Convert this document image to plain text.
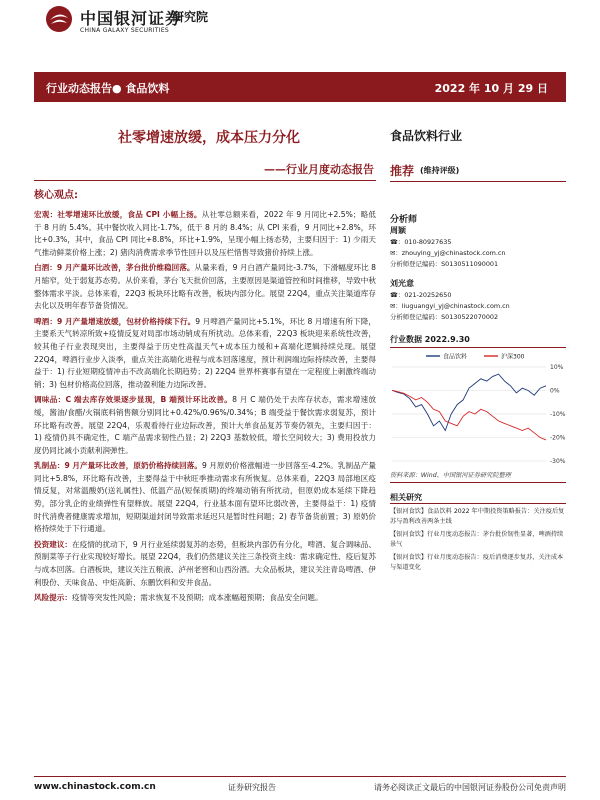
中国银河证券
研究院
CHINA GALAXY SECURITIES
行业动态报告● 食品饮料	2022 年 10 月 29 日
社零增速放缓，成本压力分化
——行业月度动态报告
食品饮料行业
推荐 (维持评级)
核心观点:

宏观：社零增速环比放缓，食品 CPI 小幅上扬。从社零总额来看，2022 年 9 月同比+2.5%；略低于 8 月的 5.4%。其中餐饮收入同比-1.7%，低于 8 月的 8.4%；从 CPI 来看，9 月同比+2.8%，环比+0.3%，其中，食品 CPI 同比+8.8%，环比+1.9%，呈现小幅上扬态势，主要归因于：1) 少雨天气推动鲜菜价格上涨；2) 猪肉消费需求季节性回升以及压栏惜售导致猪价持续上涨。

白酒：9 月产量环比改善，茅台批价维稳回落。从量来看，9 月白酒产量同比-3.7%，下滑幅度环比 8 月缩窄，处于弱复苏态势。从价来看，茅台飞天批价回落，主要原因是渠道管控和时间推移，导致中秋整体需求平淡。总体来看，22Q3 板块环比略有改善，板块内部分化。展望 22Q4，重点关注渠道库存去化以及明年春节备货情况。

啤酒：9 月产量增速放缓，包材价格持续下行。9 月啤酒产量同比+5.1%，环比 8 月增速有所下降，主要系天气转凉所致+疫情反复对局部市场动销成有所扰动。总体来看，22Q3 板块迎来系统性改善，较其他子行业表现突出，主要得益于历史性高温天气+成本压力缓和+高端化逻辑持续兑现。展望 22Q4，啤酒行业步入淡季，重点关注高端化进程与成本回落速度，预计利润端边际持续改善，主要得益于：1) 行业短期疫情冲击不改高端化长期趋势；2) 22Q4 世界杯赛事有望在一定程度上刺激终端动销；3) 包材价格高位回落，推动盈利能力边际改善。

调味品：C 端去库存效果逐步显现，B 端预计环比改善。8 月 C 端仍处于去库存状态，需求增速放缓，酱油/食醋/火锅底料销售额分别同比+0.42%/0.96%/0.34%；B 端受益于餐饮需求弱复苏，预计环比略有改善。展望 22Q4，乐观看待行业边际改善，预计大单食品复苏节奏仍领先，主要归因于：1) 疫情仍具不确定性，C 端产品需求韧性凸显；2) 22Q3 基数较低，增长空间较大；3) 费用投放力度仍同比减小贡献利润弹性。

乳制品：9 月产量环比改善，原奶价格持续回落。9 月原奶价格涨幅进一步回落至-4.2%。乳制品产量同比+5.8%，环比略有改善，主要得益于中秋旺季推动需求有所恢复。总体来看，22Q3 局部地区疫情反复，对常温酸奶(送礼属性)、低温产品(短保质期)的终端动销有所扰动，但原奶成本延续下降趋势，部分乳企的业绩弹性有望释放。展望 22Q4，行业基本面有望环比弱改善，主要得益于：1) 疫情时代消费者健康需求增加，短期渠道封闭导致需求延迟只是暂时性问题；2) 春节备货前置；3) 原奶价格持续处于下行通道。

投资建议：在疫情的扰动下，9 月行业延续弱复苏的态势，但板块内部仍有分化，啤酒、复合调味品、预制菜等子行业实现较好增长。展望 22Q4，我们仍然建议关注三条投资主线：需求确定性、疫后复苏与成本回落。白酒板块，建议关注五粮液、泸州老窖和山西汾酒。大众品板块，建议关注青岛啤酒、伊利股份、天味食品、中炬高新、东鹏饮料和安井食品。

风险提示：疫情等突发性风险；需求恢复不及预期；成本涨幅超预期；食品安全问题。

分析师
周颖
☎：010-80927635
✉：zhouying_yj@chinastock.com.cn
分析师登记编码：S0130511090001
刘光意
☎：021-20252650
✉：liuguangyi_yj@chinastock.com.cn
分析师登记编码：S0130522070002
行业数据 2022.9.30
食品饮料	沪深300
10%
0%
-10%
-20%
-30%
资料来源：Wind、中国银河证券研究院整理
相关研究
【银河食饮】食品饮料 2022 年中期投资策略报告：关注疫后复苏与盈利改善两条主线
【银河食饮】行业月度动态报告：茅台批价韧性显著，啤酒持续景气
【银河食饮】行业月度动态报告：疫后消费逐步复苏，关注成本与渠道变化
www.chinastock.com.cn	证券研究报告	请务必阅读正文最后的中国银河证券股份公司免责声明
